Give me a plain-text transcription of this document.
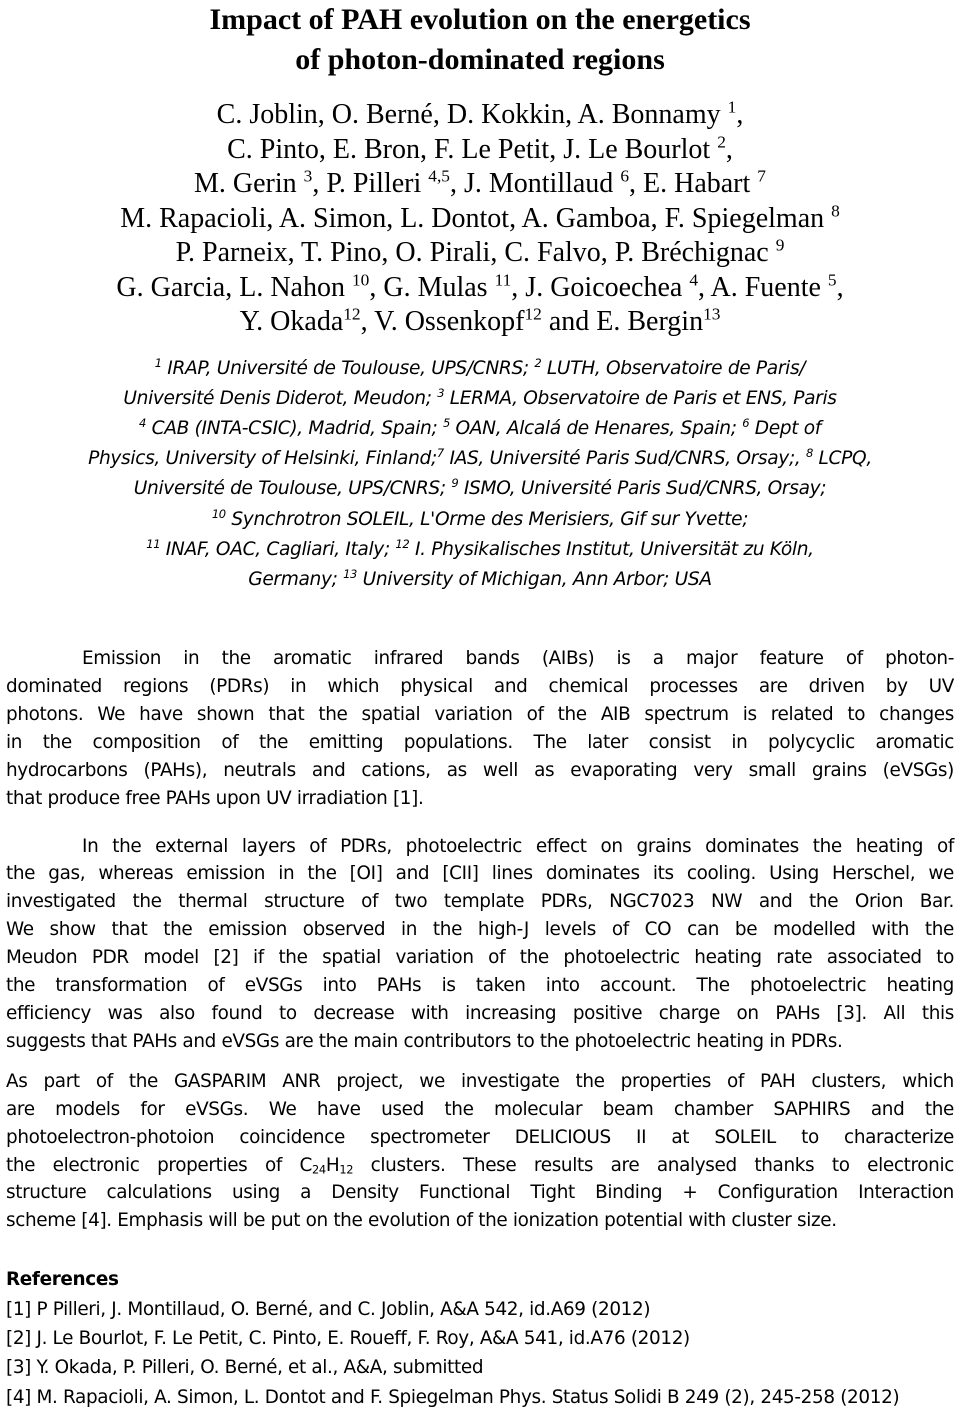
Impact of PAH evolution on the energetics
of photon-dominated regions
C. Joblin, O. Berné, D. Kokkin, A. Bonnamy $^1$,
C. Pinto, E. Bron, F. Le Petit, J. Le Bourlot $^2$,
M. Gerin $^3$, P. Pilleri $^{4,5}$, J. Montillaud $^6$, E. Habart $^7$
M. Rapacioli, A. Simon, L. Dontot, A. Gamboa, F. Spiegelman $^8$
P. Parneix, T. Pino, O. Pirali, C. Falvo, P. Bréchignac $^9$
G. Garcia, L. Nahon $^{10}$, G. Mulas $^{11}$, J. Goicoechea $^4$, A. Fuente $^5$,
Y. Okada$^{12}$, V. Ossenkopf$^{12}$ and E. Bergin$^{13}$
$^1$ IRAP, Université de Toulouse, UPS/CNRS; $^2$ LUTH, Observatoire de Paris/
Université Denis Diderot, Meudon; $^3$ LERMA, Observatoire de Paris et ENS, Paris
$^4$ CAB (INTA-CSIC), Madrid, Spain; $^5$ OAN, Alcalá de Henares, Spain; $^6$ Dept of
Physics, University of Helsinki, Finland;$^7$ IAS, Université Paris Sud/CNRS, Orsay;, $^8$ LCPQ,
Université de Toulouse, UPS/CNRS; $^9$ ISMO, Université Paris Sud/CNRS, Orsay;
$^{10}$ Synchrotron SOLEIL, L'Orme des Merisiers, Gif sur Yvette;
$^{11}$ INAF, OAC, Cagliari, Italy; $^{12}$ I. Physikalisches Institut, Universität zu Köln,
Germany; $^{13}$ University of Michigan, Ann Arbor; USA
Emission in the aromatic infrared bands (AIBs) is a major feature of photon-
dominated regions (PDRs) in which physical and chemical processes are driven by UV
photons. We have shown that the spatial variation of the AIB spectrum is related to changes
in the composition of the emitting populations. The later consist in polycyclic aromatic
hydrocarbons (PAHs), neutrals and cations, as well as evaporating very small grains (eVSGs)
that produce free PAHs upon UV irradiation [1].
In the external layers of PDRs, photoelectric effect on grains dominates the heating of
the gas, whereas emission in the [OI] and [CII] lines dominates its cooling. Using Herschel, we
investigated the thermal structure of two template PDRs, NGC7023 NW and the Orion Bar.
We show that the emission observed in the high-J levels of CO can be modelled with the
Meudon PDR model [2] if the spatial variation of the photoelectric heating rate associated to
the transformation of eVSGs into PAHs is taken into account. The photoelectric heating
efficiency was also found to decrease with increasing positive charge on PAHs [3]. All this
suggests that PAHs and eVSGs are the main contributors to the photoelectric heating in PDRs.
As part of the GASPARIM ANR project, we investigate the properties of PAH clusters, which
are models for eVSGs. We have used the molecular beam chamber SAPHIRS and the
photoelectron-photoion coincidence spectrometer DELICIOUS II at SOLEIL to characterize
the electronic properties of $C_{24}H_{12}$ clusters. These results are analysed thanks to electronic
structure calculations using a Density Functional Tight Binding + Configuration Interaction
scheme [4]. Emphasis will be put on the evolution of the ionization potential with cluster size.
References
[1] P Pilleri, J. Montillaud, O. Berné, and C. Joblin, A&A 542, id.A69 (2012)
[2] J. Le Bourlot, F. Le Petit, C. Pinto, E. Roueff, F. Roy, A&A 541, id.A76 (2012)
[3] Y. Okada, P. Pilleri, O. Berné, et al., A&A, submitted
[4] M. Rapacioli, A. Simon, L. Dontot and F. Spiegelman Phys. Status Solidi B 249 (2), 245-258 (2012)
